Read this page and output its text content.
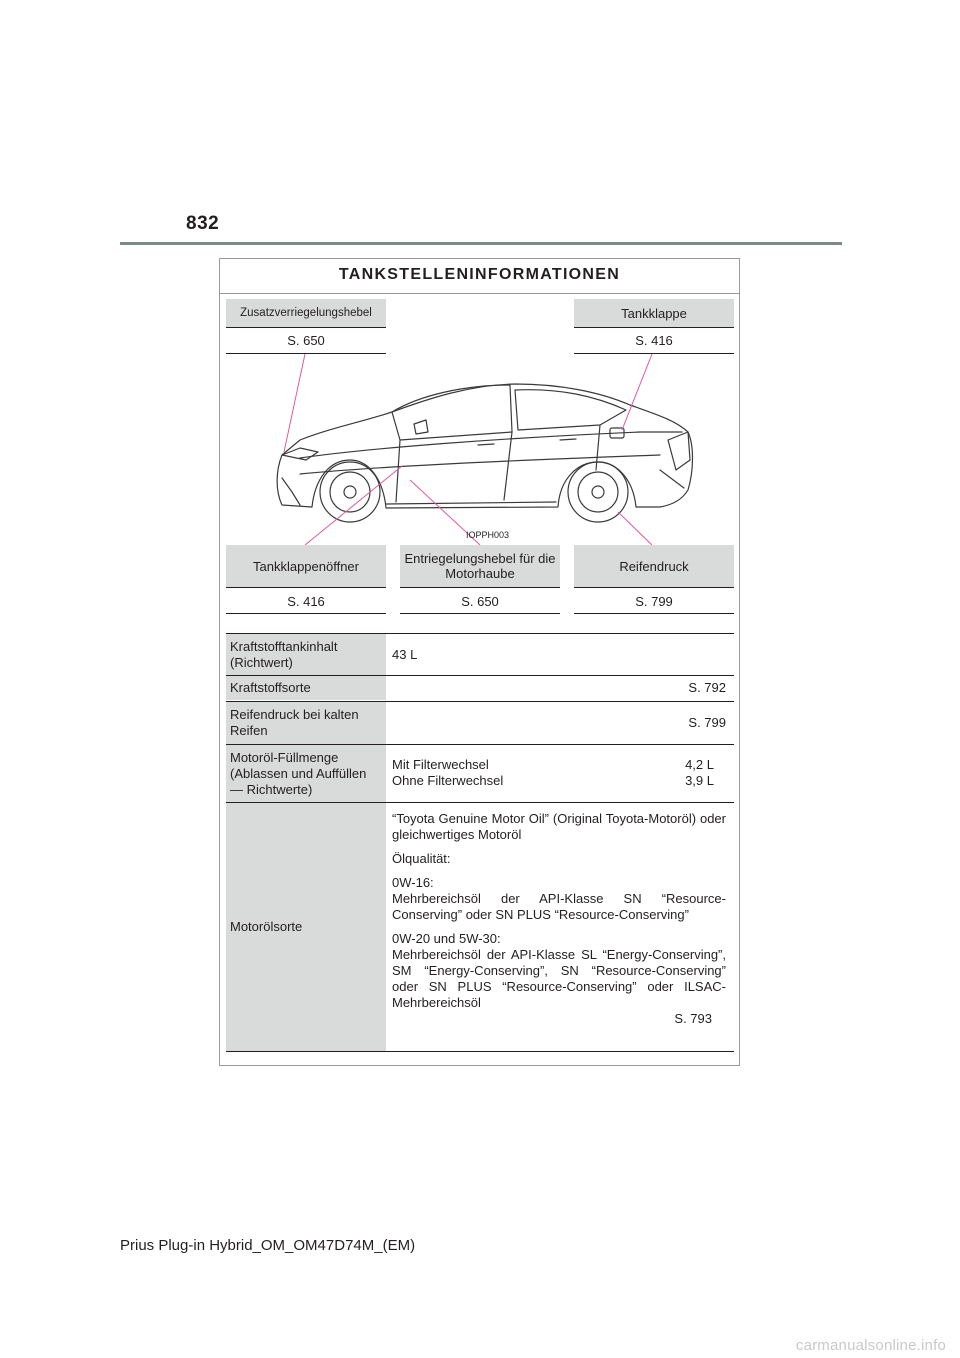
832
TANKSTELLENINFORMATIONEN
Zusatzverriegelungshebel
S. 650
Tankklappe
S. 416
IOPPH003
Tankklappenöffner
S. 416
Entriegelungshebel für die Motorhaube
S. 650
Reifendruck
S. 799
Kraftstofftankinhalt (Richtwert)
43 L
Kraftstoffsorte	S. 792
Reifendruck bei kalten Reifen
S. 799
Motoröl-Füllmenge (Ablassen und Auffüllen — Richtwerte)
Mit Filterwechsel	4,2 L
Ohne Filterwechsel	3,9 L
Motorölsorte

“Toyota Genuine Motor Oil” (Original Toyota-Motoröl) oder gleichwertiges Motoröl

Ölqualität:

0W-16:
Mehrbereichsöl der API-Klasse SN “Resource-Conserving” oder SN PLUS “Resource-Conserving”

0W-20 und 5W-30:
Mehrbereichsöl der API-Klasse SL “Energy-Conserving”, SM “Energy-Conserving”, SN “Resource-Conserving” oder SN PLUS “Resource-Conserving” oder ILSAC-Mehrbereichsöl

S. 793
Prius Plug-in Hybrid_OM_OM47D74M_(EM)
carmanualsonline.info
